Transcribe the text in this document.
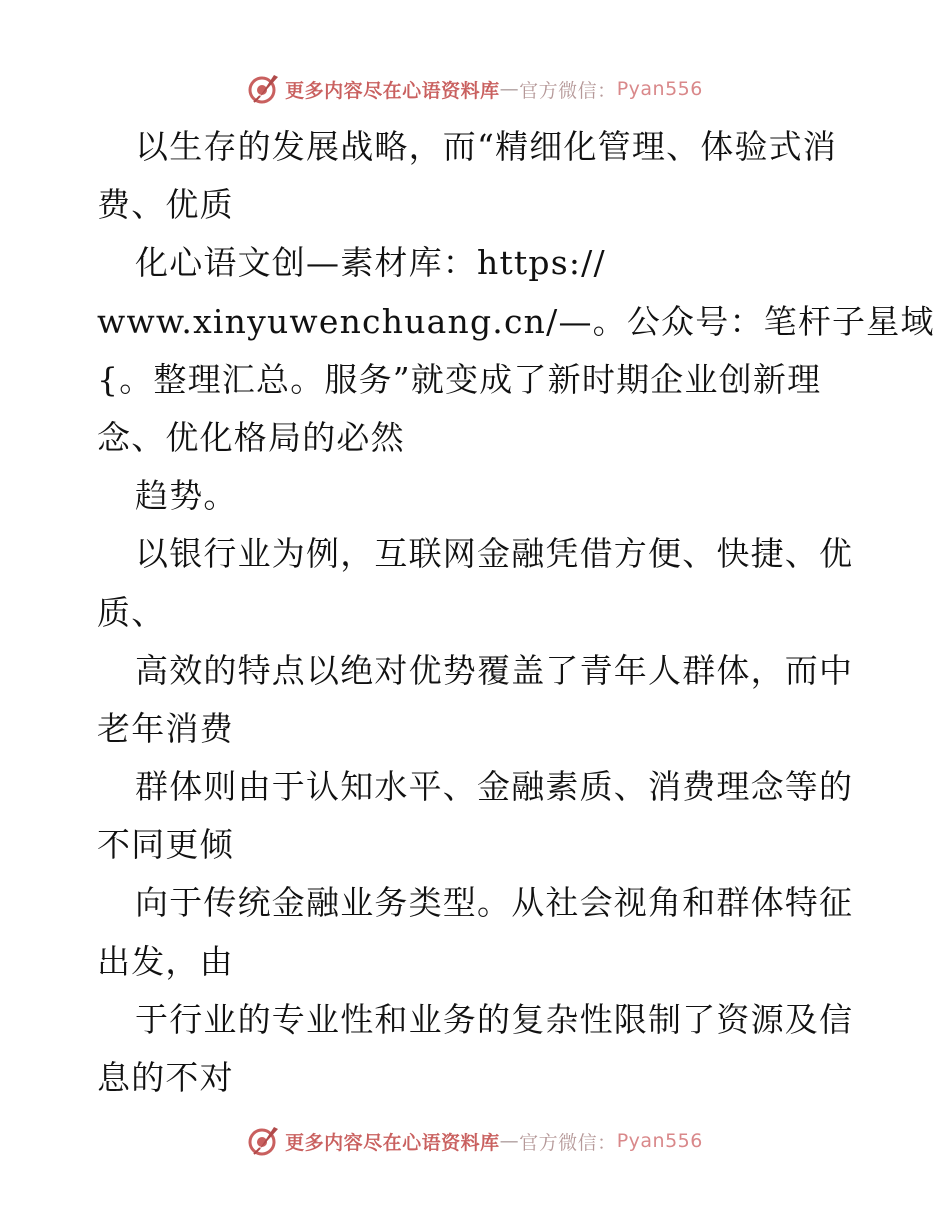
更多内容尽在心语资料库 — 官方微信： Pyan556
以生存的发展战略，而“精细化管理、体验式消
费、优质
化心语文创—素材库：https://
www.xinyuwenchuang.cn/—。公众号：笔杆子星域
{。整理汇总。服务”就变成了新时期企业创新理
念、优化格局的必然
趋势。
以银行业为例，互联网金融凭借方便、快捷、优
质、
高效的特点以绝对优势覆盖了青年人群体，而中
老年消费
群体则由于认知水平、金融素质、消费理念等的
不同更倾
向于传统金融业务类型。从社会视角和群体特征
出发，由
于行业的专业性和业务的复杂性限制了资源及信
息的不对
更多内容尽在心语资料库 — 官方微信： Pyan556
